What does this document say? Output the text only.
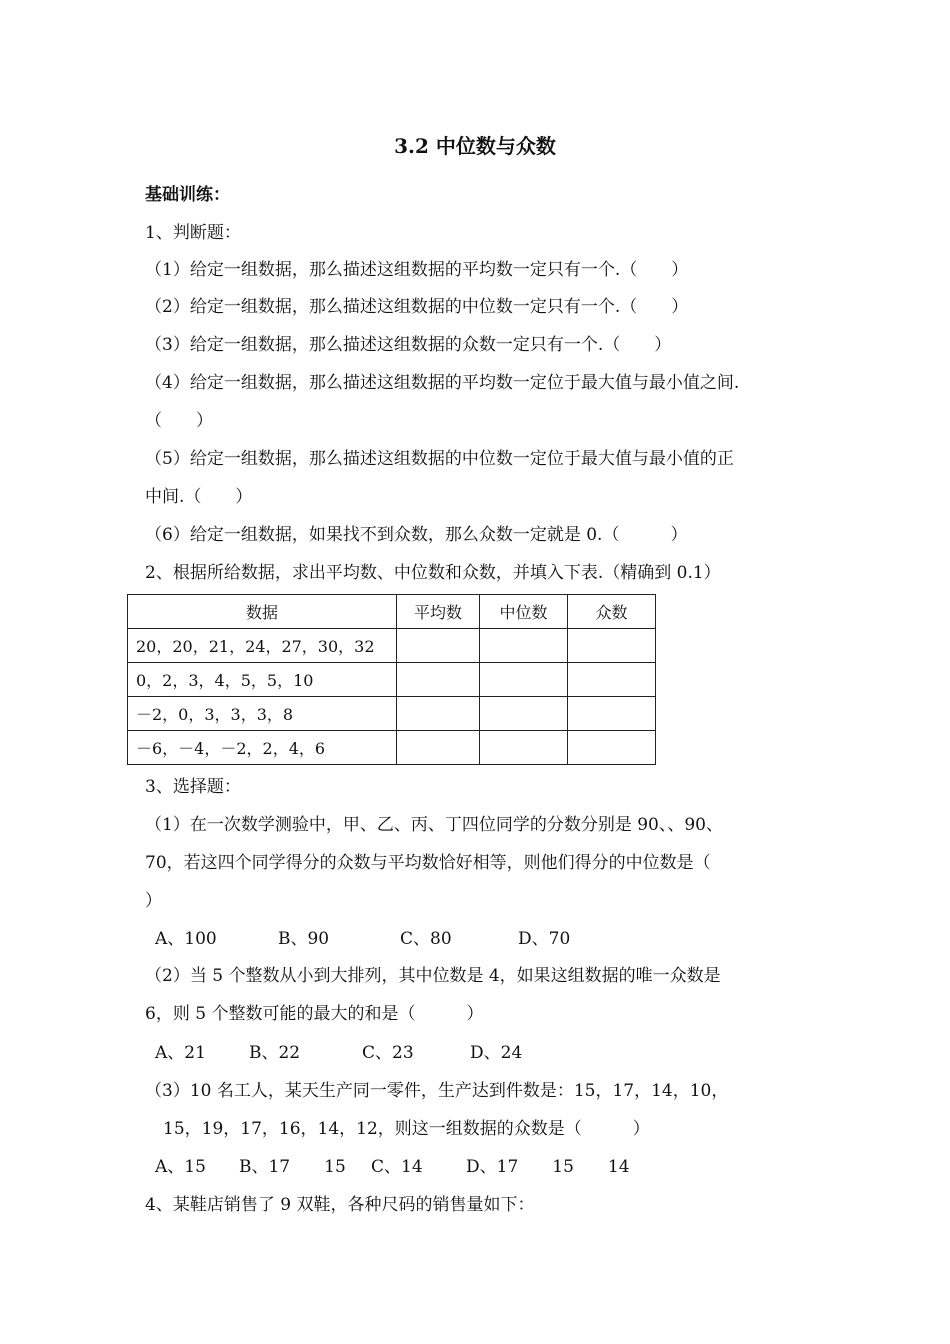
3.2 中位数与众数
基础训练：
1、判断题：
（1）给定一组数据，那么描述这组数据的平均数一定只有一个.（　　）
（2）给定一组数据，那么描述这组数据的中位数一定只有一个.（　　）
（3）给定一组数据，那么描述这组数据的众数一定只有一个.（　　）
（4）给定一组数据，那么描述这组数据的平均数一定位于最大值与最小值之间.
（　　）
（5）给定一组数据，那么描述这组数据的中位数一定位于最大值与最小值的正
中间.（　　）
（6）给定一组数据，如果找不到众数，那么众数一定就是 0.（　　　）
2、根据所给数据，求出平均数、中位数和众数，并填入下表.（精确到 0.1）
数据	平均数	中位数	众数
20，20，21，24，27，30，32			
0，2，3，4，5，5，10			
－2，0，3，3，3，8			
－6，－4，－2，2，4，6			
3、选择题：
（1）在一次数学测验中，甲、乙、丙、丁四位同学的分数分别是 90、、90、
70，若这四个同学得分的众数与平均数恰好相等，则他们得分的中位数是（
）
A、100	B、90	C、80	D、70
（2）当 5 个整数从小到大排列，其中位数是 4，如果这组数据的唯一众数是
6，则 5 个整数可能的最大的和是（　　　）
A、21	B、22	C、23	D、24
（3）10 名工人，某天生产同一零件，生产达到件数是：15，17，14，10，
15，19，17，16，14，12，则这一组数据的众数是（　　　）
A、15 B、17　　15 C、14	D、17　　15　　14
4、某鞋店销售了 9 双鞋，各种尺码的销售量如下：
